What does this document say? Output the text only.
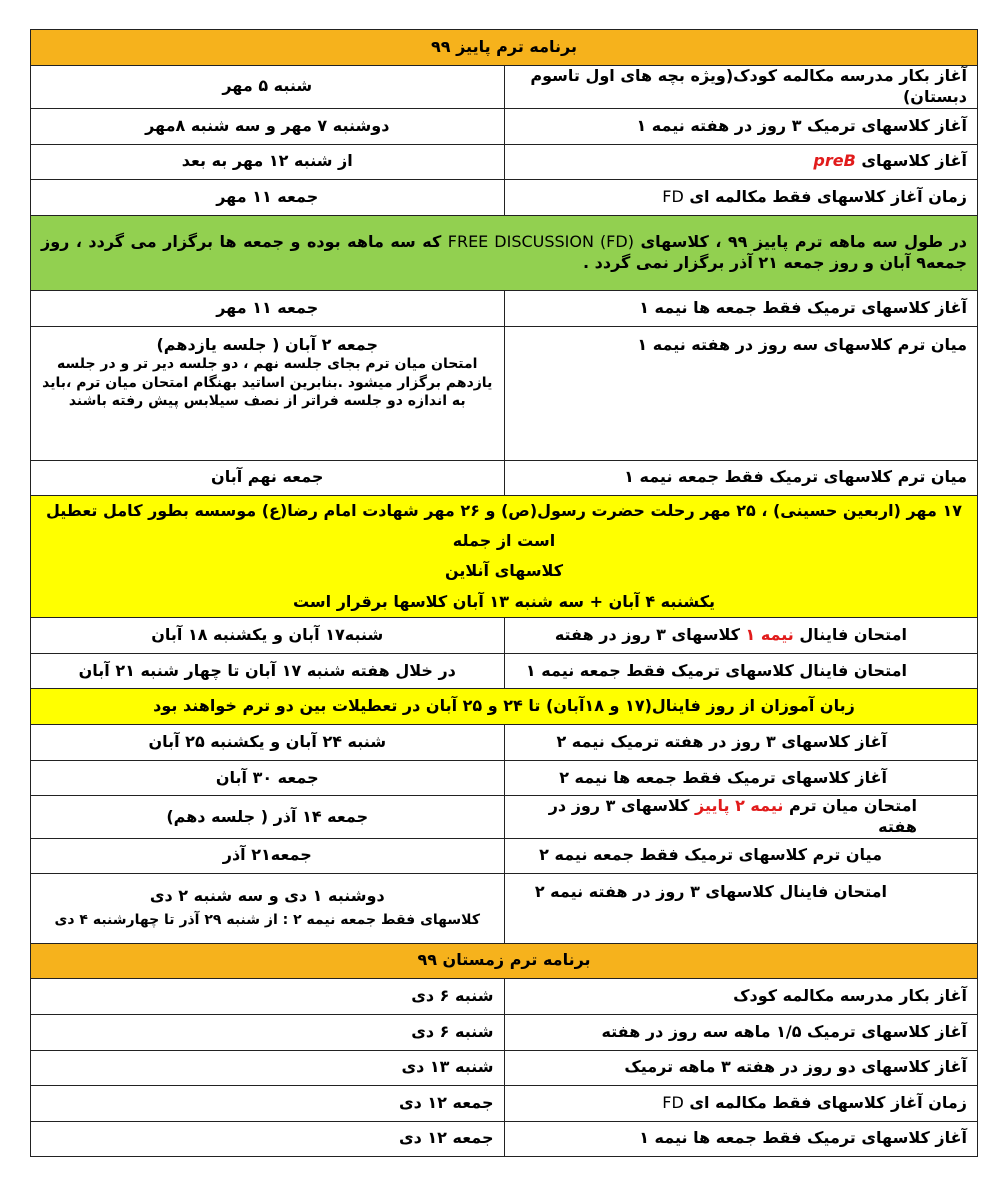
برنامه ترم پاییز ۹۹	
آغاز بکار مدرسه مکالمه کودک(ویژه بچه های اول تاسوم دبستان)	شنبه ۵ مهر
آغاز کلاسهای ترمیک ۳ روز در هفته نیمه ۱	دوشنبه ۷ مهر و سه شنبه ۸مهر
آغاز کلاسهای preB	از شنبه ۱۲ مهر به بعد
زمان آغاز کلاسهای فقط مکالمه ای FD	جمعه ۱۱ مهر
در طول سه ماهه ترم پاییز ۹۹ ، کلاسهای FREE DISCUSSION (FD) که سه ماهه بوده و جمعه ها برگزار می گردد ، روز جمعه۹ آبان و روز جمعه ۲۱ آذر برگزار نمی گردد .	
آغاز کلاسهای ترمیک فقط جمعه ها نیمه ۱	جمعه ۱۱ مهر
میان ترم کلاسهای سه روز در هفته نیمه ۱	جمعه ۲ آبان ( جلسه یازدهم)
امتحان میان ترم بجای جلسه نهم ، دو جلسه دیر تر و در جلسه
یازدهم برگزار میشود .بنابرین اساتید بهنگام امتحان میان ترم ،باید
به اندازه دو جلسه فراتر از نصف سیلابس پیش رفته باشند

میان ترم کلاسهای ترمیک فقط جمعه نیمه ۱	جمعه نهم آبان

۱۷ مهر (اربعین حسینی) ، ۲۵ مهر رحلت حضرت رسول(ص) و ۲۶ مهر شهادت امام رضا(ع) موسسه بطور کامل تعطیل است از جمله
کلاسهای آنلاین
یکشنبه ۴ آبان + سه شنبه ۱۳ آبان کلاسها برقرار است	

امتحان فاینال نیمه ۱ کلاسهای ۳ روز در هفته	شنبه۱۷ آبان و یکشنبه ۱۸ آبان
امتحان فاینال کلاسهای ترمیک فقط جمعه نیمه ۱	در خلال هفته شنبه ۱۷ آبان تا چهار شنبه ۲۱ آبان
زبان آموزان از روز فاینال(۱۷ و ۱۸آبان) تا ۲۴ و ۲۵ آبان در تعطیلات بین دو ترم خواهند بود	
آغاز کلاسهای ۳ روز در هفته ترمیک نیمه ۲	شنبه ۲۴ آبان و یکشنبه ۲۵ آبان
آغاز کلاسهای ترمیک فقط جمعه ها نیمه ۲	جمعه ۳۰ آبان
امتحان میان ترم نیمه ۲ پاییز کلاسهای ۳ روز در هفته	جمعه ۱۴ آذر ( جلسه دهم)
میان ترم کلاسهای ترمیک فقط جمعه نیمه ۲	جمعه۲۱ آذر
امتحان فاینال کلاسهای ۳ روز در هفته نیمه ۲	دوشنبه ۱ دی و سه شنبه ۲ دی
کلاسهای فقط جمعه نیمه ۲ : از شنبه ۲۹ آذر تا چهارشنبه ۴ دی

برنامه ترم زمستان ۹۹	
آغاز بکار مدرسه مکالمه کودک	شنبه ۶ دی
آغاز کلاسهای ترمیک ۱/۵ ماهه سه روز در هفته	شنبه ۶ دی
آغاز کلاسهای دو روز در هفته ۳ ماهه ترمیک	شنبه ۱۳ دی
زمان آغاز کلاسهای فقط مکالمه ای FD	جمعه ۱۲ دی
آغاز کلاسهای ترمیک فقط جمعه ها نیمه ۱	جمعه ۱۲ دی
